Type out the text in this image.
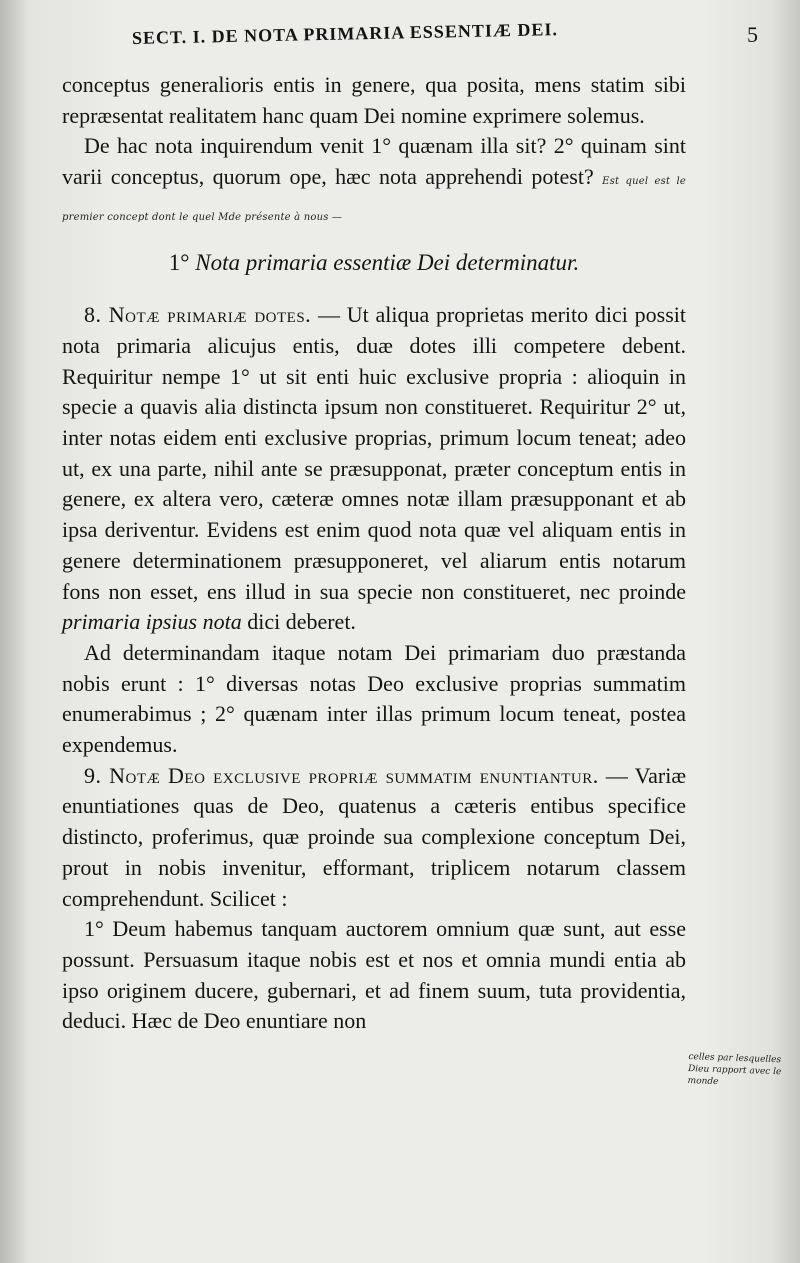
SECT. I. DE NOTA PRIMARIA ESSENTIÆ DEI.	5

conceptus generalioris entis in genere, qua posita, mens statim sibi repræsentat realitatem hanc quam Dei nomine exprimere solemus.

De hac nota inquirendum venit 1° quænam illa sit? 2° quinam sint varii conceptus, quorum ope, hæc nota apprehendi potest? Est quel est le premier concept dont le quel Mde présente à nous —

1° Nota primaria essentiæ Dei determinatur.

8. Notæ primariæ dotes. — Ut aliqua proprietas merito dici possit nota primaria alicujus entis, duæ dotes illi competere debent. Requiritur nempe 1° ut sit enti huic exclusive propria : alioquin in specie a quavis alia distincta ipsum non constitueret. Requiritur 2° ut, inter notas eidem enti exclusive proprias, primum locum teneat; adeo ut, ex una parte, nihil ante se præsupponat, præter conceptum entis in genere, ex altera vero, cæteræ omnes notæ illam præsupponant et ab ipsa deriventur. Evidens est enim quod nota quæ vel aliquam entis in genere determinationem præsupponeret, vel aliarum entis notarum fons non esset, ens illud in sua specie non constitueret, nec proinde primaria ipsius nota dici deberet.

Ad determinandam itaque notam Dei primariam duo præstanda nobis erunt : 1° diversas notas Deo exclusive proprias summatim enumerabimus ; 2° quænam inter illas primum locum teneat, postea expendemus.

9. Notæ Deo exclusive propriæ summatim enuntiantur. — Variæ enuntiationes quas de Deo, quatenus a cæteris entibus specifice distincto, proferimus, quæ proinde sua complexione conceptum Dei, prout in nobis invenitur, efformant, triplicem notarum classem comprehendunt. Scilicet :

1° Deum habemus tanquam auctorem omnium quæ sunt, aut esse possunt. Persuasum itaque nobis est et nos et omnia mundi entia ab ipso originem ducere, gubernari, et ad finem suum, tuta providentia, deduci. Hæc de Deo enuntiare non

celles par lesquelles Dieu rapport avec le monde
